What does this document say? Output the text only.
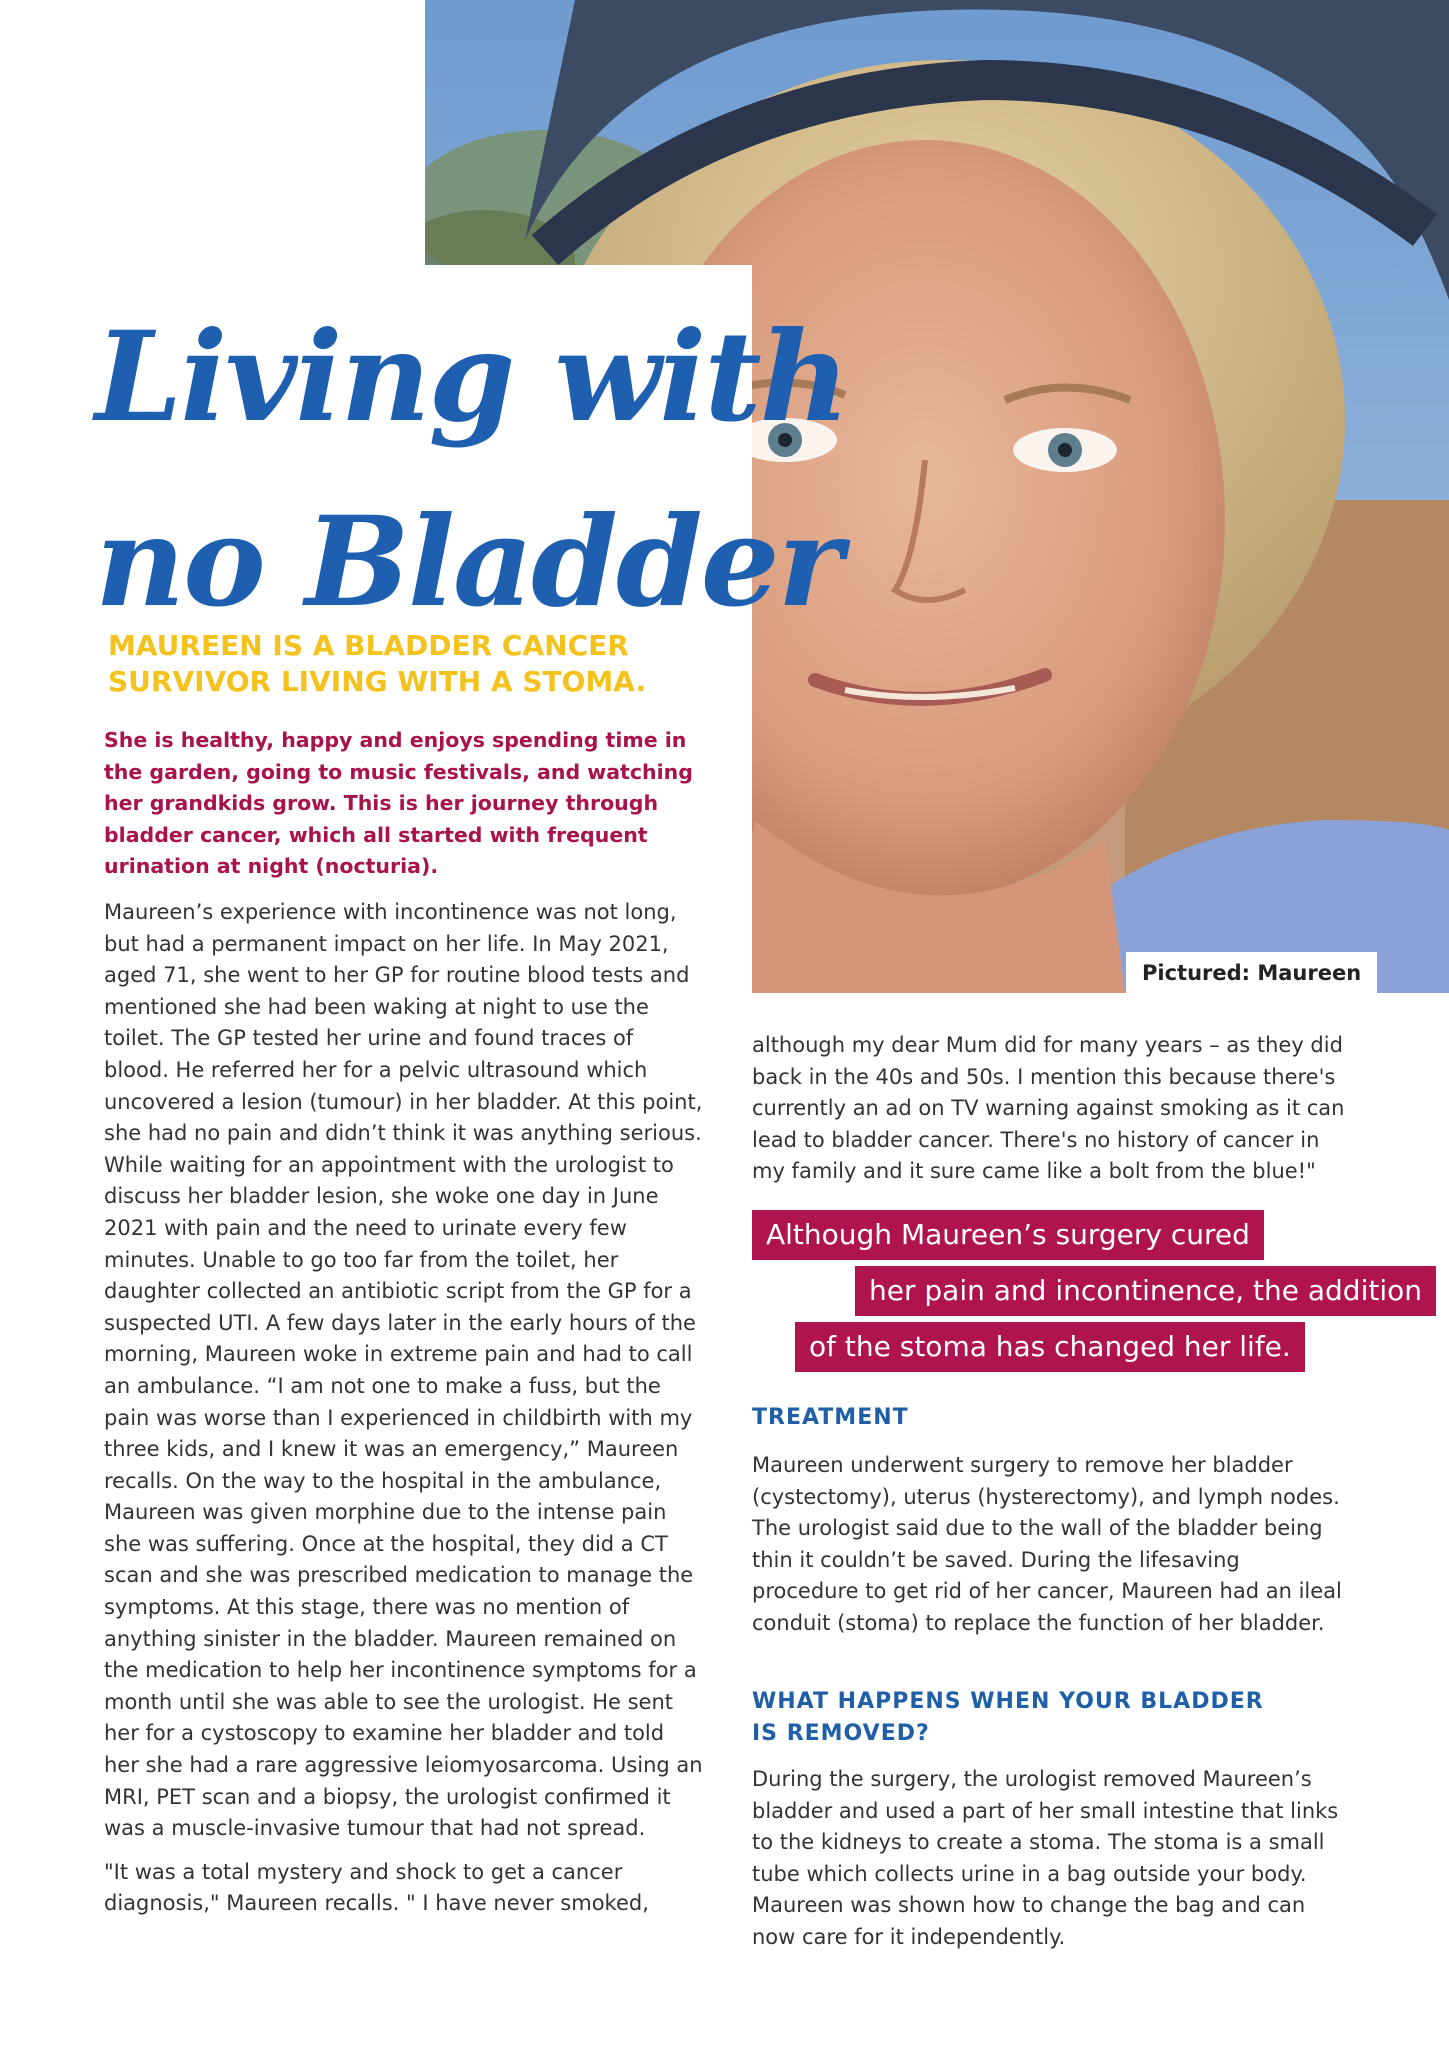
Pictured: Maureen
Living with
no Bladder
MAUREEN IS A BLADDER CANCER SURVIVOR LIVING WITH A STOMA.
She is healthy, happy and enjoys spending time in the garden, going to music festivals, and watching her grandkids grow. This is her journey through bladder cancer, which all started with frequent urination at night (nocturia).

Maureen’s experience with incontinence was not long, but had a permanent impact on her life. In May 2021, aged 71, she went to her GP for routine blood tests and mentioned she had been waking at night to use the toilet. The GP tested her urine and found traces of blood. He referred her for a pelvic ultrasound which uncovered a lesion (tumour) in her bladder. At this point, she had no pain and didn’t think it was anything serious. While waiting for an appointment with the urologist to discuss her bladder lesion, she woke one day in June 2021 with pain and the need to urinate every few minutes. Unable to go too far from the toilet, her daughter collected an antibiotic script from the GP for a suspected UTI. A few days later in the early hours of the morning, Maureen woke in extreme pain and had to call an ambulance. “I am not one to make a fuss, but the pain was worse than I experienced in childbirth with my three kids, and I knew it was an emergency,” Maureen recalls. On the way to the hospital in the ambulance, Maureen was given morphine due to the intense pain she was suffering. Once at the hospital, they did a CT scan and she was prescribed medication to manage the symptoms. At this stage, there was no mention of anything sinister in the bladder. Maureen remained on the medication to help her incontinence symptoms for a month until she was able to see the urologist. He sent her for a cystoscopy to examine her bladder and told her she had a rare aggressive leiomyosarcoma. Using an MRI, PET scan and a biopsy, the urologist confirmed it was a muscle-invasive tumour that had not spread.

"It was a total mystery and shock to get a cancer diagnosis," Maureen recalls. " I have never smoked,

although my dear Mum did for many years – as they did back in the 40s and 50s. I mention this because there's currently an ad on TV warning against smoking as it can lead to bladder cancer. There's no history of cancer in my family and it sure came like a bolt from the blue!"
Although Maureen’s surgery cured
her pain and incontinence, the addition
of the stoma has changed her life.
TREATMENT
Maureen underwent surgery to remove her bladder (cystectomy), uterus (hysterectomy), and lymph nodes. The urologist said due to the wall of the bladder being thin it couldn’t be saved. During the lifesaving procedure to get rid of her cancer, Maureen had an ileal conduit (stoma) to replace the function of her bladder.
WHAT HAPPENS WHEN YOUR BLADDER
IS REMOVED?
During the surgery, the urologist removed Maureen’s bladder and used a part of her small intestine that links to the kidneys to create a stoma. The stoma is a small tube which collects urine in a bag outside your body. Maureen was shown how to change the bag and can now care for it independently.
